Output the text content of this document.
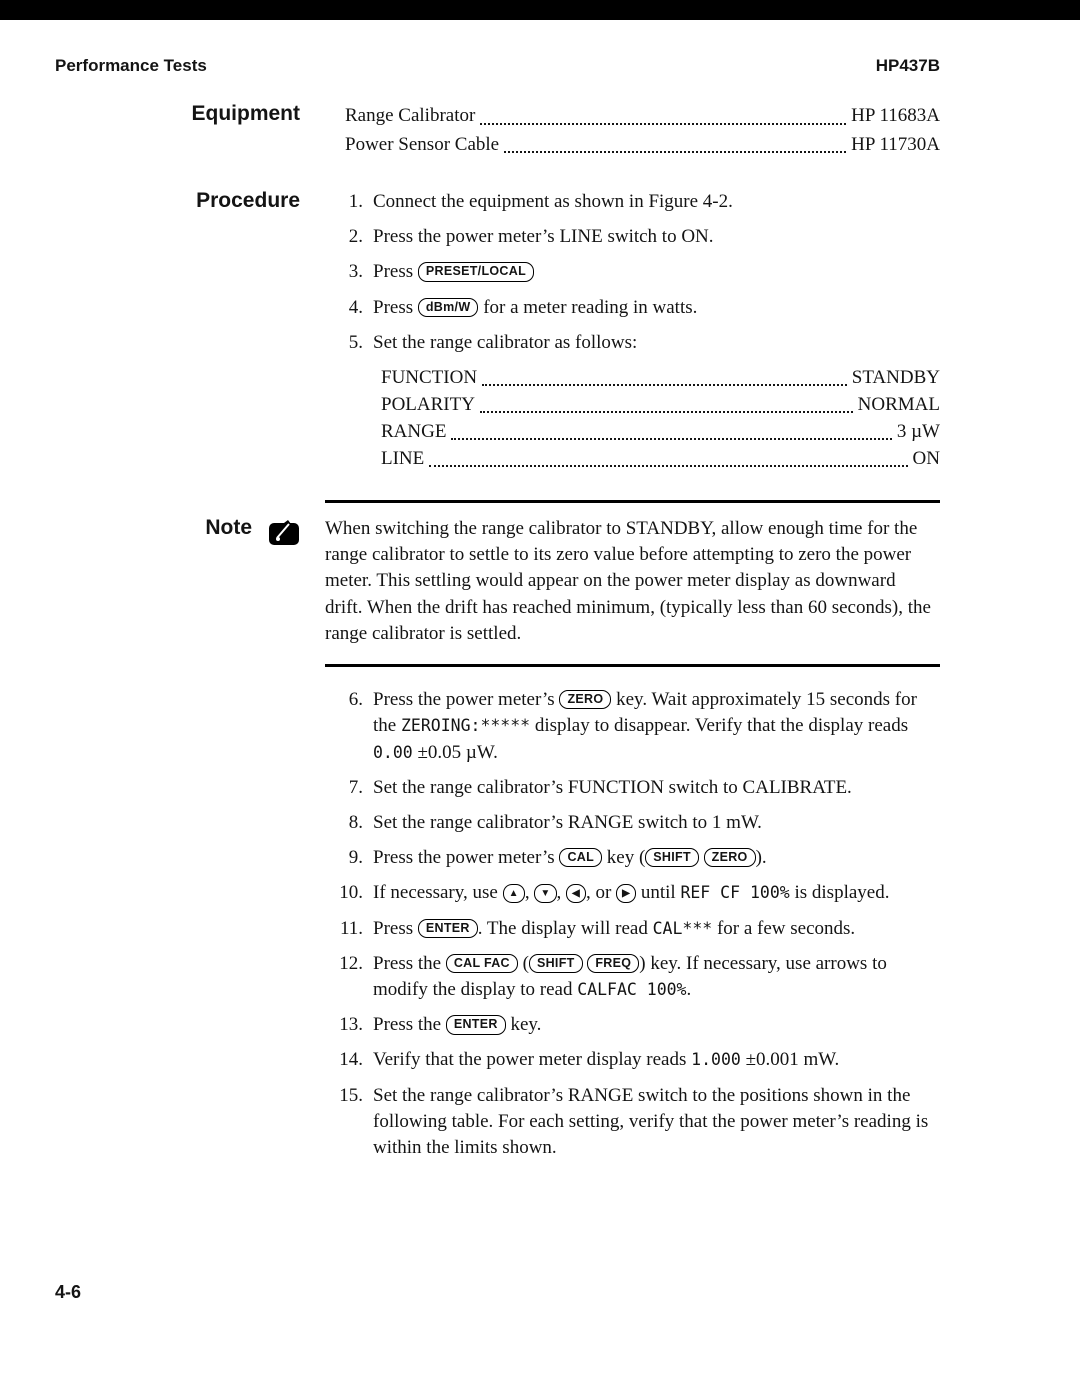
Performance Tests	HP437B
Equipment Range Calibrator	HP 11683A
Power Sensor Cable	HP 11730A
Procedure	1. Connect the equipment as shown in Figure 4-2.
2. Press the power meter’s LINE switch to ON.
3. Press PRESET/LOCAL
4. Press dBm/W for a meter reading in watts.
5. Set the range calibrator as follows:
FUNCTION	STANDBY
POLARITY	NORMAL
RANGE	3 µW
LINE	ON
Note	When switching the range calibrator to STANDBY, allow enough time for the range calibrator to settle to its zero value before attempting to zero the power meter. This settling would appear on the power meter display as downward drift. When the drift has reached minimum, (typically less than 60 seconds), the range calibrator is settled.
6. Press the power meter’s ZERO key. Wait approximately 15 seconds for the ZEROING:***** display to disappear. Verify that the display reads 0.00 ±0.05 µW.
7. Set the range calibrator’s FUNCTION switch to CALIBRATE.
8. Set the range calibrator’s RANGE switch to 1 mW.
9. Press the power meter’s CAL key ( SHIFT ZERO ).
10. If necessary, use ▲ , ▼ , ◀ , or ▶ until REF CF 100% is displayed.
11. Press ENTER . The display will read CAL*** for a few seconds.
12. Press the CAL FAC ( SHIFT FREQ ) key. If necessary, use arrows to modify the display to read CALFAC 100%.
13. Press the ENTER key.
14. Verify that the power meter display reads 1.000 ±0.001 mW.
15. Set the range calibrator’s RANGE switch to the positions shown in the following table. For each setting, verify that the power meter’s reading is within the limits shown.
4-6
